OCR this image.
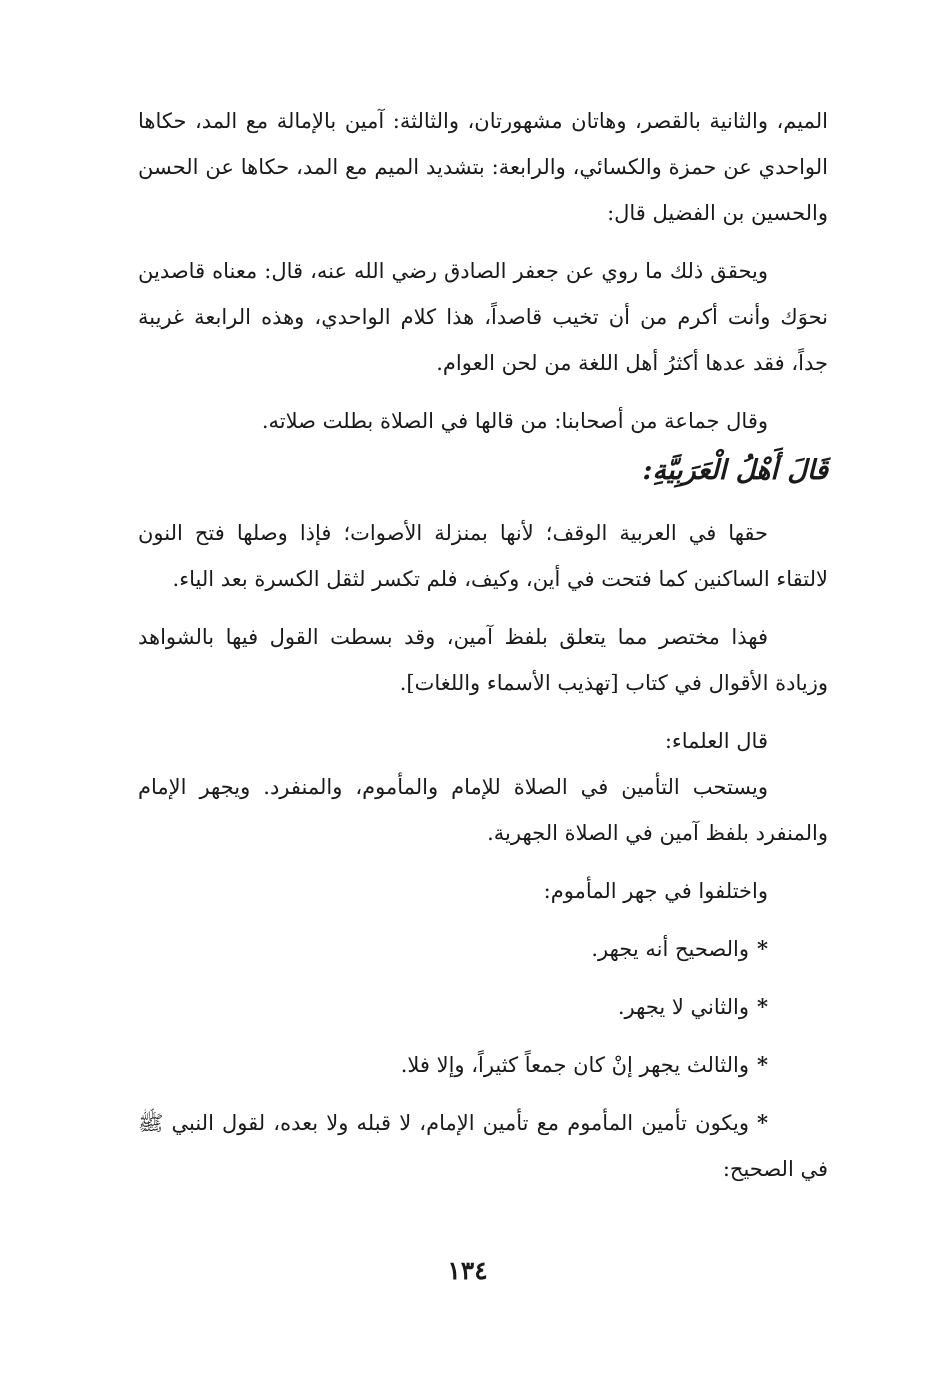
الميم، والثانية بالقصر، وهاتان مشهورتان، والثالثة: آمين بالإمالة مع المد، حكاها الواحدي عن حمزة والكسائي، والرابعة: بتشديد الميم مع المد، حكاها عن الحسن والحسين بن الفضيل قال:

ويحقق ذلك ما روي عن جعفر الصادق رضي الله عنه، قال: معناه قاصدين نحوَك وأنت أكرم من أن تخيب قاصداً، هذا كلام الواحدي، وهذه الرابعة غريبة جداً، فقد عدها أكثرُ أهل اللغة من لحن العوام.

وقال جماعة من أصحابنا: من قالها في الصلاة بطلت صلاته.

قَالَ أَهْلُ الْعَرَبِيَّةِ:

حقها في العربية الوقف؛ لأنها بمنزلة الأصوات؛ فإذا وصلها فتح النون لالتقاء الساكنين كما فتحت في أين، وكيف، فلم تكسر لثقل الكسرة بعد الياء.

فهذا مختصر مما يتعلق بلفظ آمين، وقد بسطت القول فيها بالشواهد وزيادة الأقوال في كتاب [تهذيب الأسماء واللغات].

قال العلماء:

ويستحب التأمين في الصلاة للإمام والمأموم، والمنفرد. ويجهر الإمام والمنفرد بلفظ آمين في الصلاة الجهرية.

واختلفوا في جهر المأموم:

*والصحيح أنه يجهر.
*والثاني لا يجهر.
*والثالث يجهر إنْ كان جمعاً كثيراً، وإلا فلا.
*ويكون تأمين المأموم مع تأمين الإمام، لا قبله ولا بعده، لقول النبي ﷺ في الصحيح:
١٣٤
